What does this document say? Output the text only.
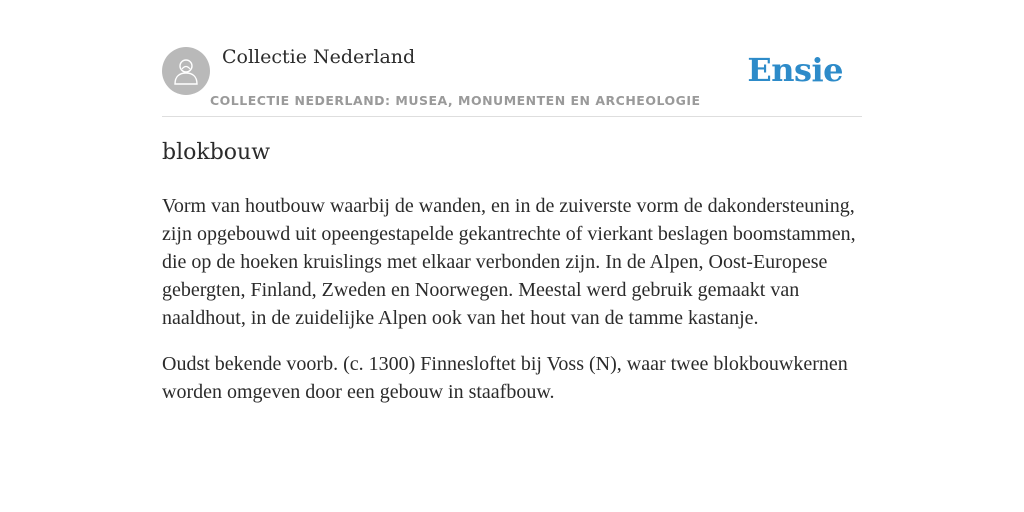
Collectie Nederland
COLLECTIE NEDERLAND: MUSEA, MONUMENTEN EN ARCHEOLOGIE
Ensie
blokbouw

Vorm van houtbouw waarbij de wanden, en in de zuiverste vorm de dakondersteuning, zijn opgebouwd uit opeengestapelde gekantrechte of vierkant beslagen boomstammen, die op de hoeken kruislings met elkaar verbonden zijn. In de Alpen, Oost-Europese gebergten, Finland, Zweden en Noorwegen. Meestal werd gebruik gemaakt van naaldhout, in de zuidelijke Alpen ook van het hout van de tamme kastanje.

Oudst bekende voorb. (c. 1300) Finnesloftet bij Voss (N), waar twee blokbouwkernen worden omgeven door een gebouw in staafbouw.
